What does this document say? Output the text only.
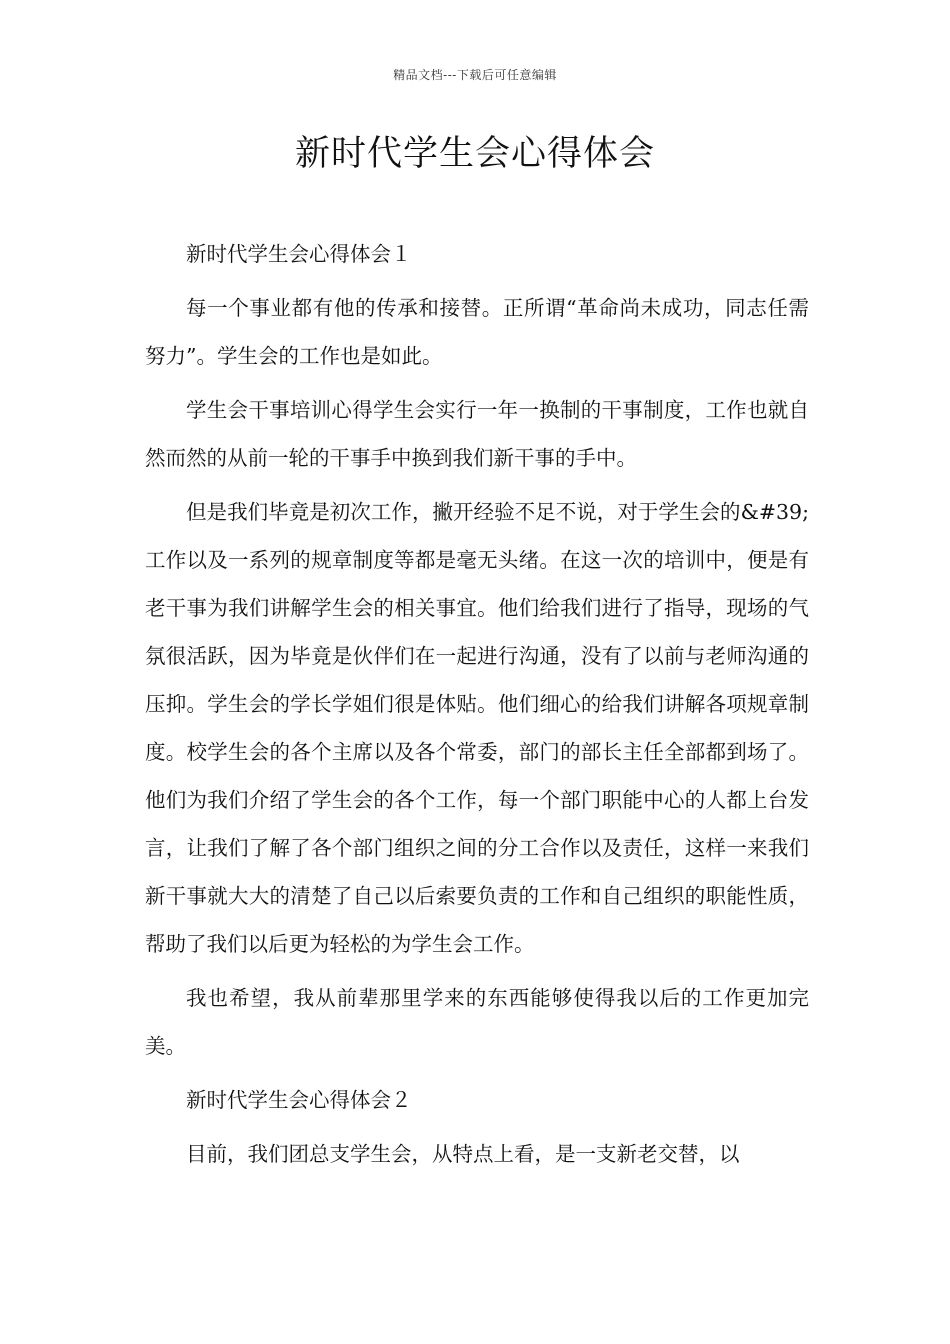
精品文档---下载后可任意编辑
新时代学生会心得体会
新时代学生会心得体会１

每一个事业都有他的传承和接替。正所谓“革命尚未成功，同志任需努力”。学生会的工作也是如此。

学生会干事培训心得学生会实行一年一换制的干事制度，工作也就自然而然的从前一轮的干事手中换到我们新干事的手中。

但是我们毕竟是初次工作，撇开经验不足不说，对于学生会的&#39;工作以及一系列的规章制度等都是毫无头绪。在这一次的培训中，便是有老干事为我们讲解学生会的相关事宜。他们给我们进行了指导，现场的气氛很活跃，因为毕竟是伙伴们在一起进行沟通，没有了以前与老师沟通的压抑。学生会的学长学姐们很是体贴。他们细心的给我们讲解各项规章制度。校学生会的各个主席以及各个常委，部门的部长主任全部都到场了。他们为我们介绍了学生会的各个工作，每一个部门职能中心的人都上台发言，让我们了解了各个部门组织之间的分工合作以及责任，这样一来我们新干事就大大的清楚了自己以后索要负责的工作和自己组织的职能性质，帮助了我们以后更为轻松的为学生会工作。

我也希望，我从前辈那里学来的东西能够使得我以后的工作更加完美。

新时代学生会心得体会２

目前，我们团总支学生会，从特点上看，是一支新老交替，以
